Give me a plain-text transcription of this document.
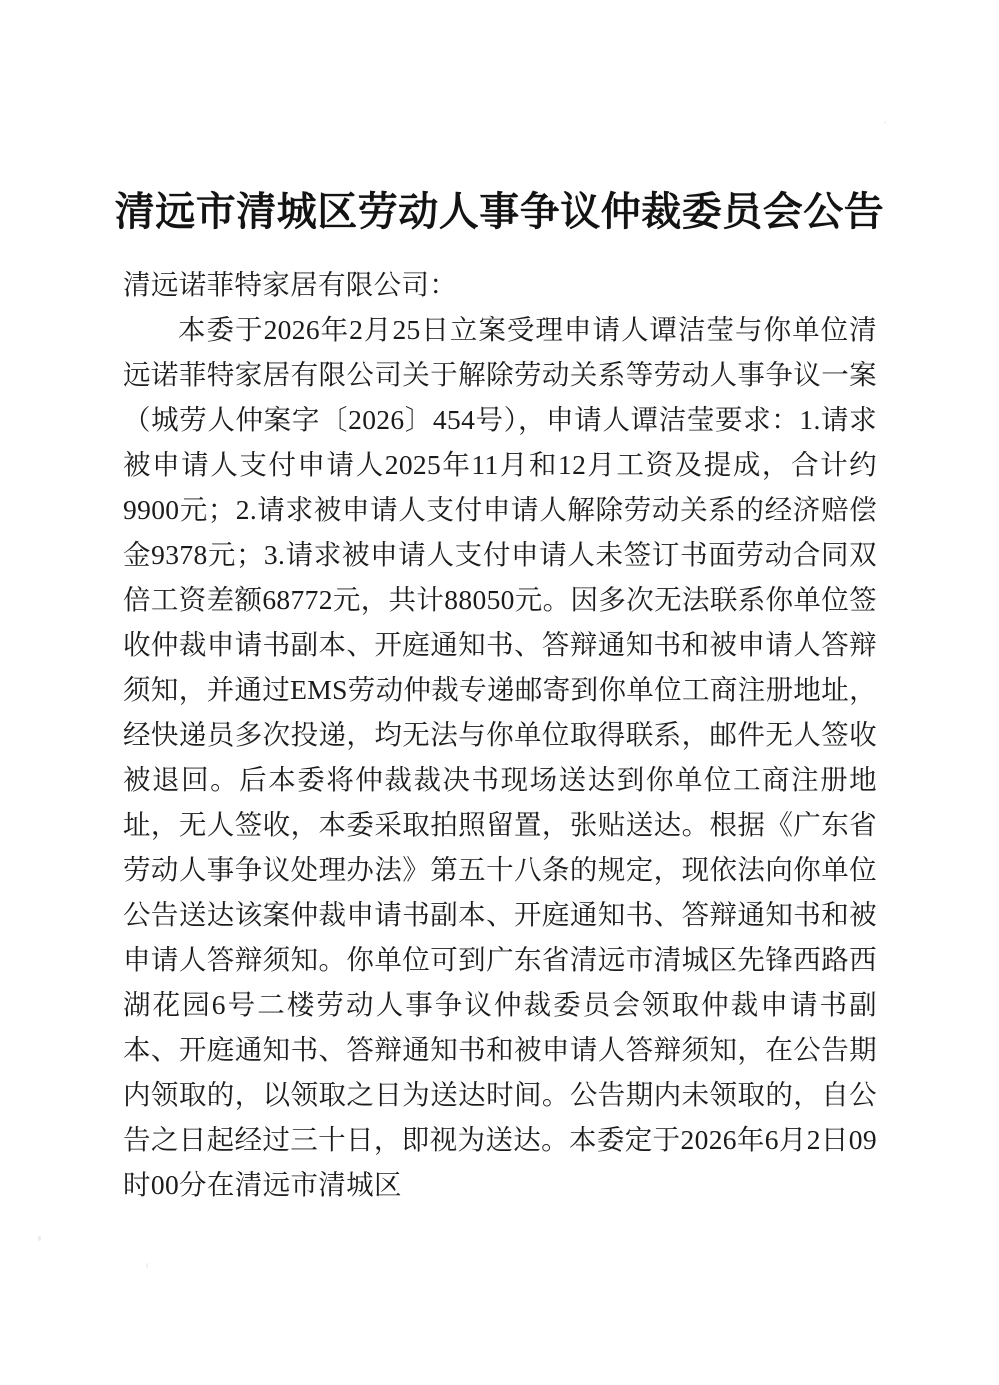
清远市清城区劳动人事争议仲裁委员会公告

清远诺菲特家居有限公司：

本委于2026年2月25日立案受理申请人谭洁莹与你单位清远诺菲特家居有限公司关于解除劳动关系等劳动人事争议一案（城劳人仲案字〔2026〕454号），申请人谭洁莹要求：1.请求被申请人支付申请人2025年11月和12月工资及提成，合计约9900元；2.请求被申请人支付申请人解除劳动关系的经济赔偿金9378元；3.请求被申请人支付申请人未签订书面劳动合同双倍工资差额68772元，共计88050元。因多次无法联系你单位签收仲裁申请书副本、开庭通知书、答辩通知书和被申请人答辩须知，并通过EMS劳动仲裁专递邮寄到你单位工商注册地址，经快递员多次投递，均无法与你单位取得联系，邮件无人签收被退回。后本委将仲裁裁决书现场送达到你单位工商注册地址，无人签收，本委采取拍照留置，张贴送达。根据《广东省劳动人事争议处理办法》第五十八条的规定，现依法向你单位公告送达该案仲裁申请书副本、开庭通知书、答辩通知书和被申请人答辩须知。你单位可到广东省清远市清城区先锋西路西湖花园6号二楼劳动人事争议仲裁委员会领取仲裁申请书副本、开庭通知书、答辩通知书和被申请人答辩须知，在公告期内领取的，以领取之日为送达时间。公告期内未领取的，自公告之日起经过三十日，即视为送达。本委定于2026年6月2日09时00分在清远市清城区
